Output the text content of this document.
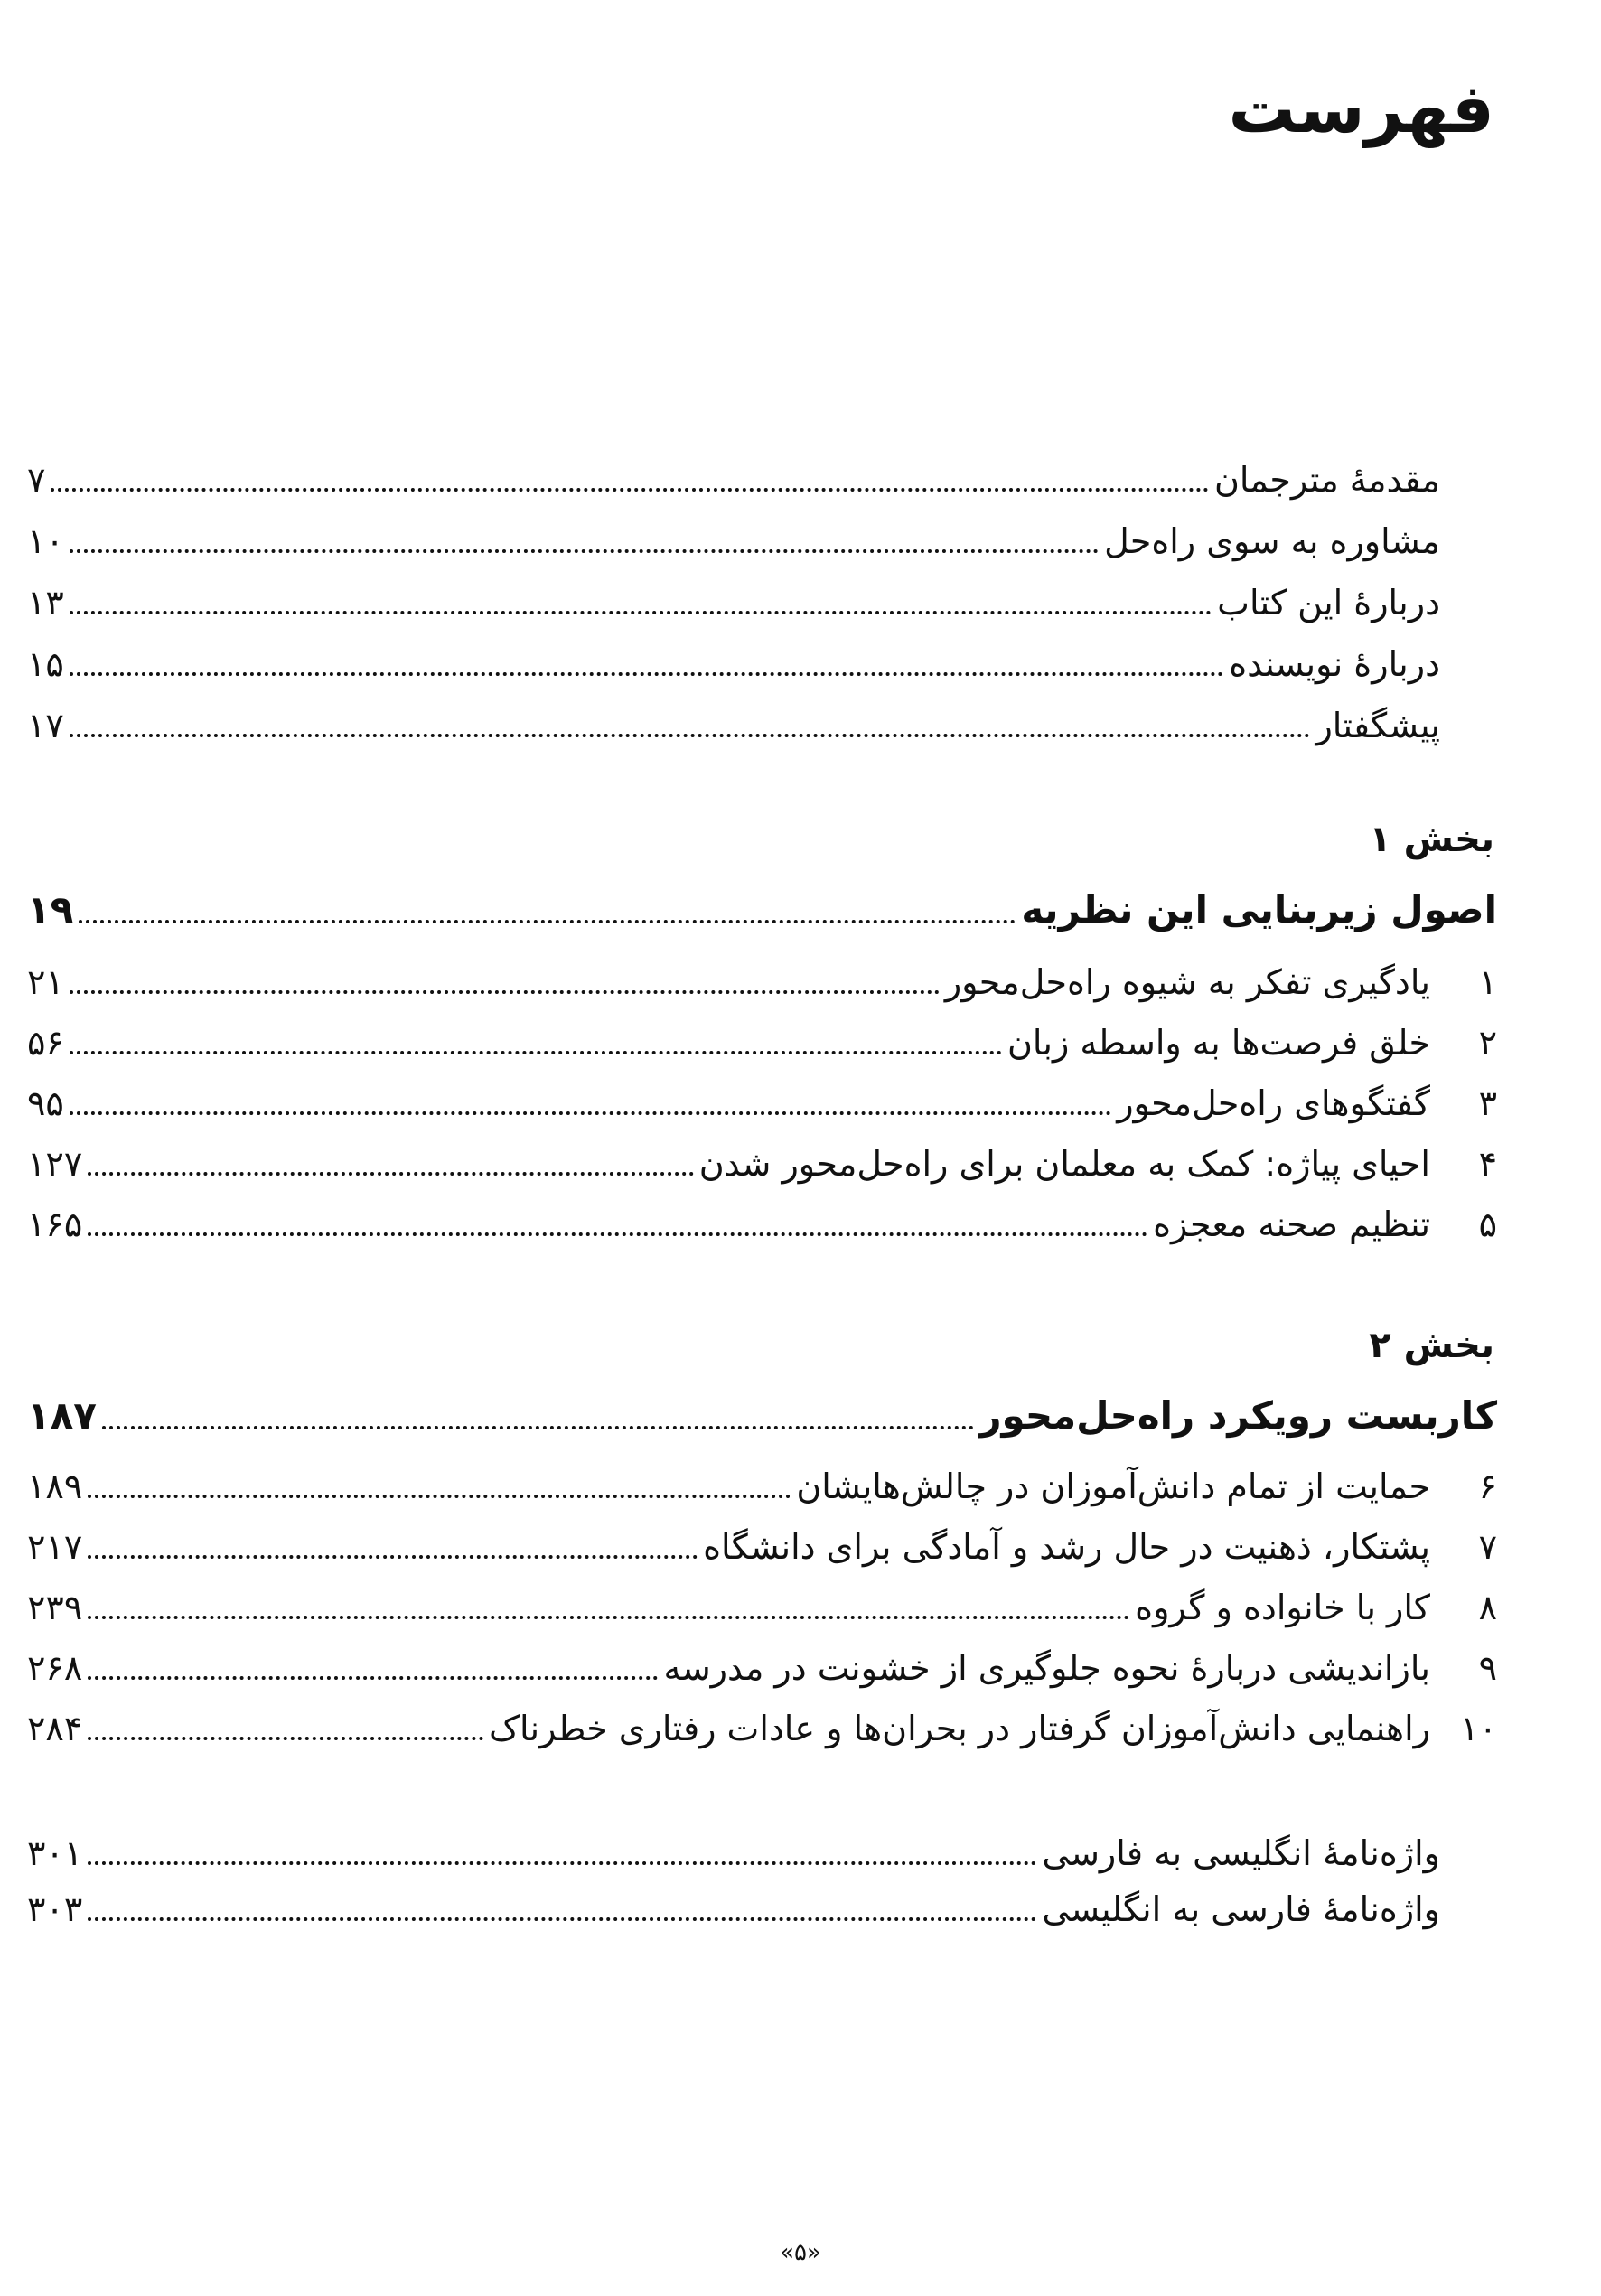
فهرست
مقدمهٔ مترجمان
۷
مشاوره به سوی راه‌حل
۱۰
دربارهٔ این کتاب
۱۳
دربارهٔ نویسنده
۱۵
پیشگفتار
۱۷
بخش ۱
اصول زیربنایی این نظریه
۱۹
۱
یادگیری تفکر به شیوه راه‌حل‌محور
۲۱
۲
خلق فرصت‌ها به واسطه زبان
۵۶
۳
گفتگوهای راه‌حل‌محور
۹۵
۴
احیای پیاژه: کمک به معلمان برای راه‌حل‌محور شدن
۱۲۷
۵
تنظیم صحنه معجزه
۱۶۵
بخش ۲
کاربست رویکرد راه‌حل‌محور
۱۸۷
۶
حمایت از تمام دانش‌آموزان در چالش‌هایشان
۱۸۹
۷
پشتکار، ذهنیت در حال رشد و آمادگی برای دانشگاه
۲۱۷
۸
کار با خانواده و گروه
۲۳۹
۹
بازاندیشی دربارهٔ نحوه جلوگیری از خشونت در مدرسه
۲۶۸
۱۰
راهنمایی دانش‌آموزان گرفتار در بحران‌ها و عادات رفتاری خطرناک
۲۸۴
واژه‌نامهٔ انگلیسی به فارسی
۳۰۱
واژه‌نامهٔ فارسی به انگلیسی
۳۰۳
«۵»
